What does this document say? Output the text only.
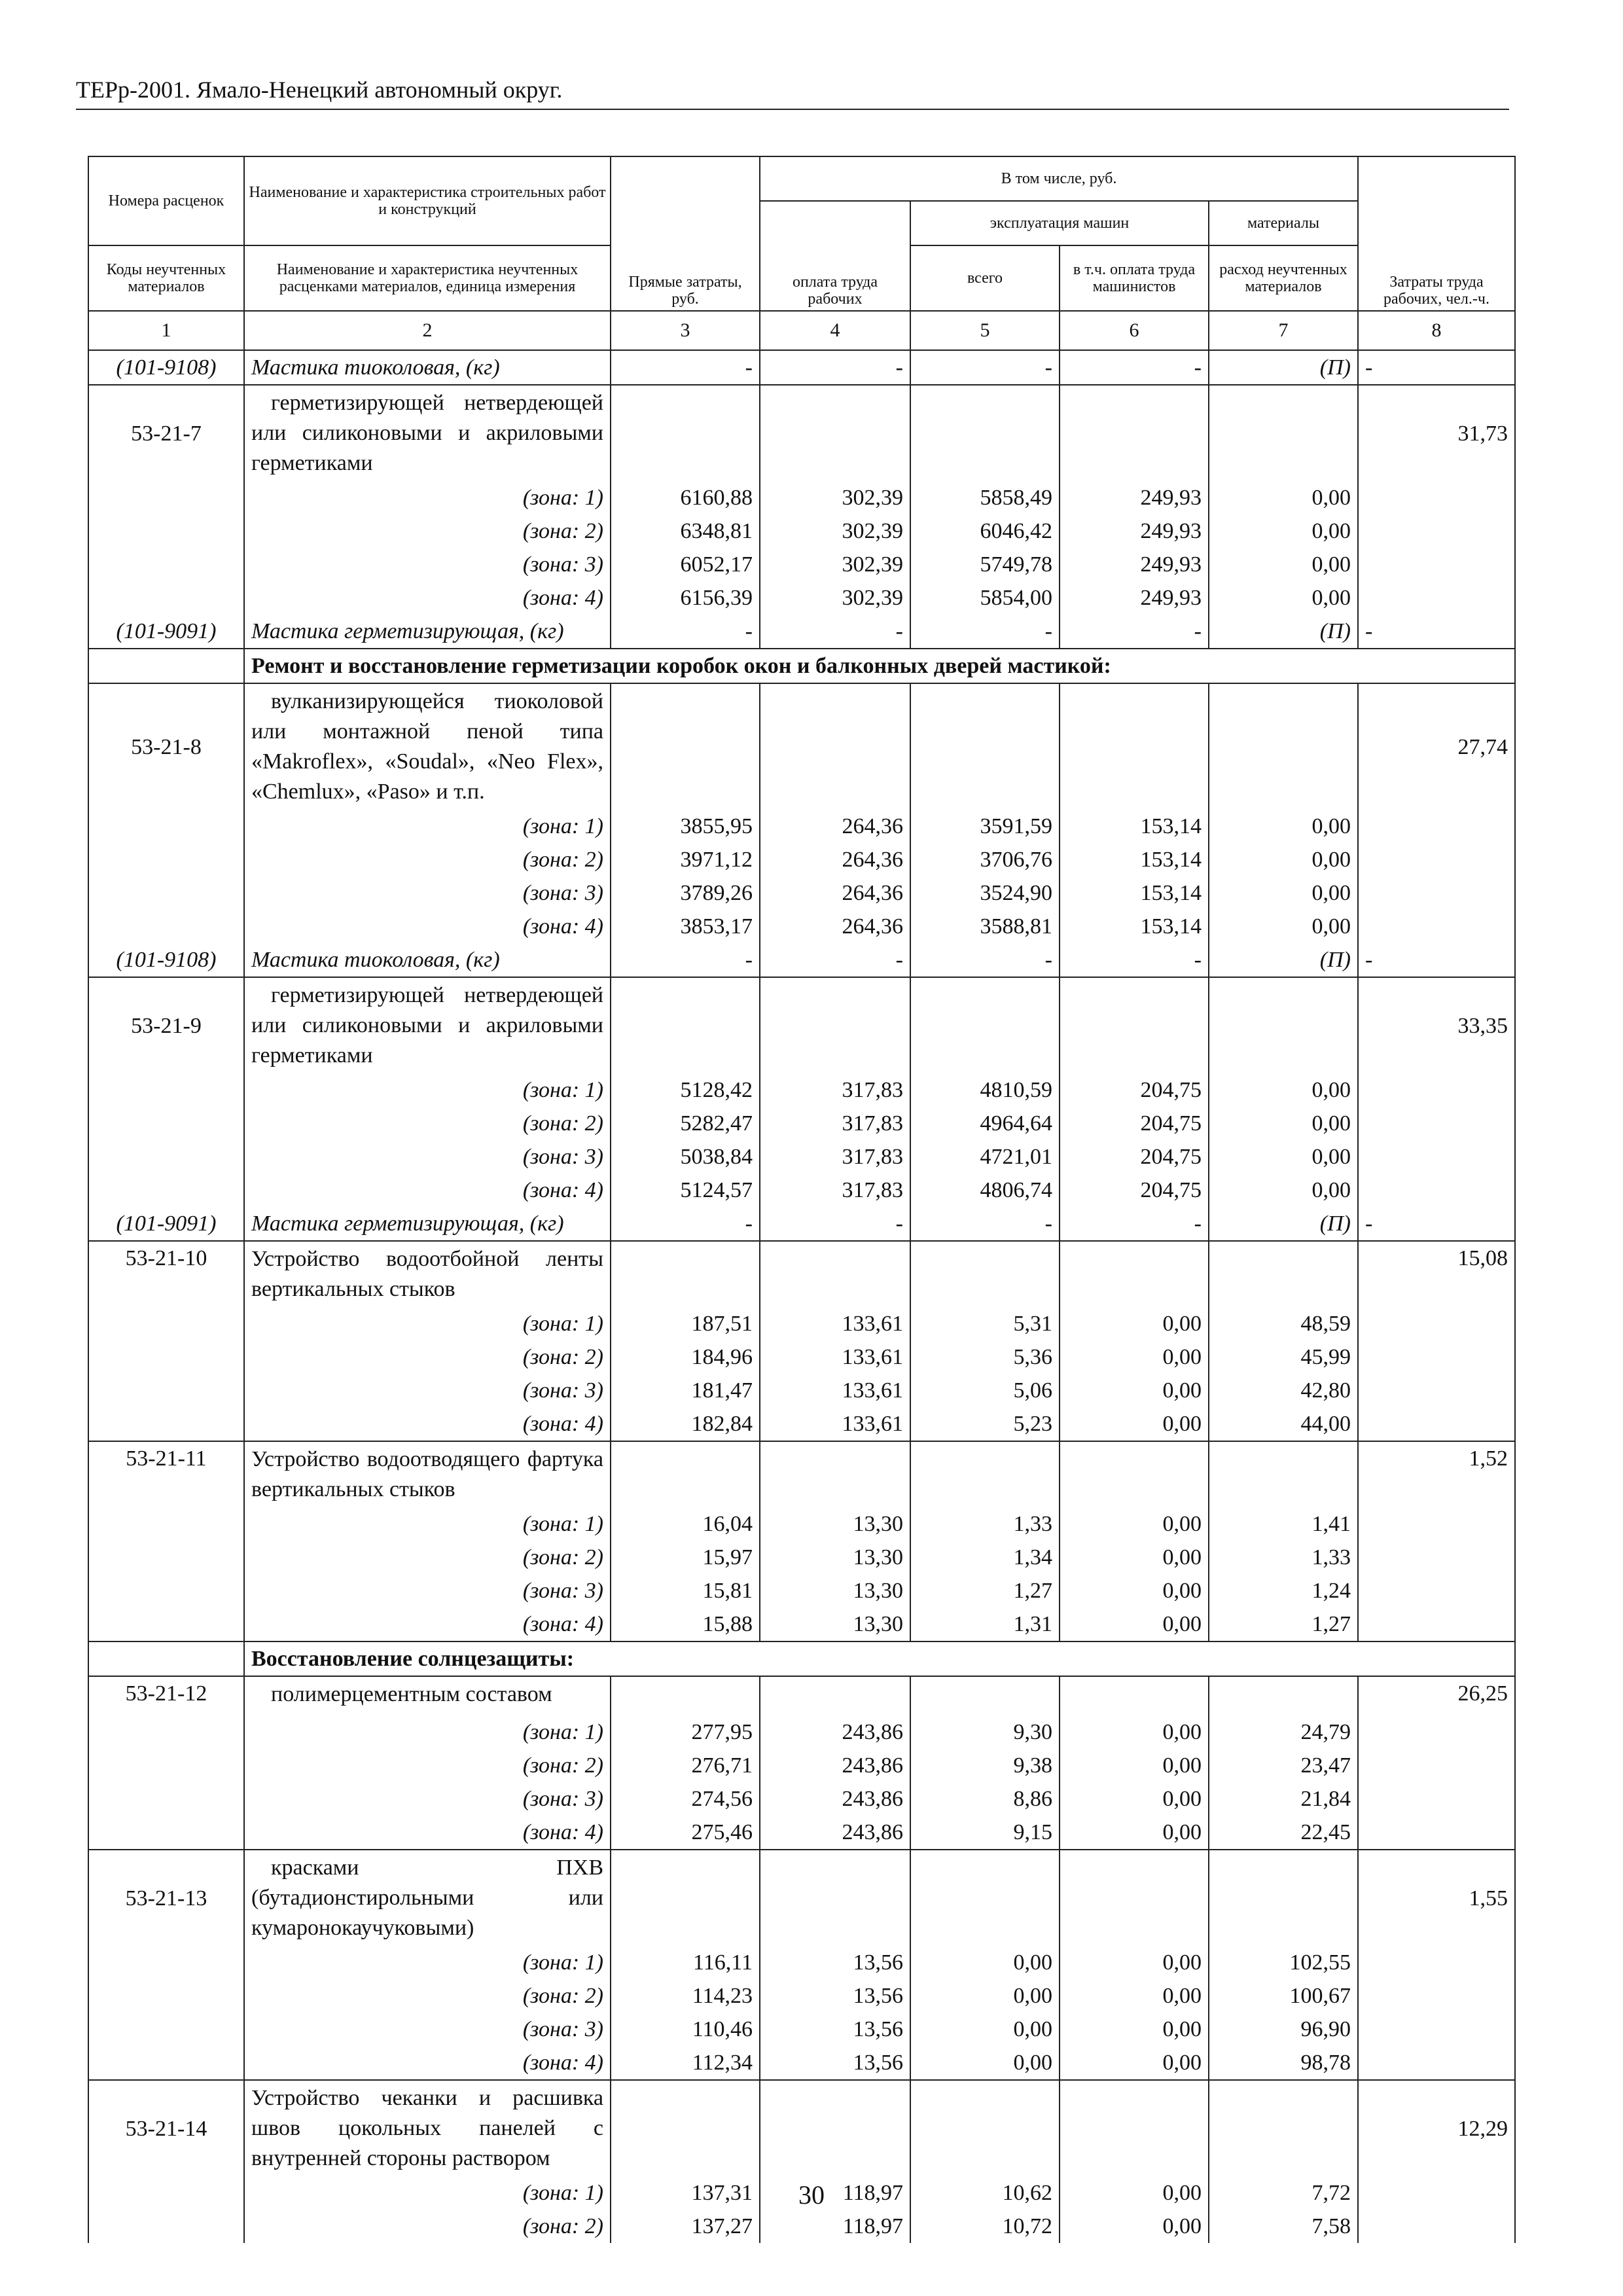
ТЕРр-2001. Ямало-Ненецкий автономный округ.
Номера расценок	Наименование и характеристика строительных работ и конструкций	Прямые затраты, руб.	В том числе, руб.				Затраты труда рабочих, чел.-ч.
			оплата труда рабочих	эксплуатация машин		материалы	
Коды неучтенных материалов	Наименование и характеристика неучтенных расценками материалов, единица измерения			всего	в т.ч. оплата труда машинистов	расход неучтенных материалов	
1	2	3	4	5	6	7	8
(101-9108)	Мастика тиоколовая, (кг)	-	-	-	-	(П)	-
53-21-7	герметизирующей нетвердеющей или силиконовыми и акриловыми герметиками						31,73
	(зона: 1)	6160,88	302,39	5858,49	249,93	0,00	
	(зона: 2)	6348,81	302,39	6046,42	249,93	0,00	
	(зона: 3)	6052,17	302,39	5749,78	249,93	0,00	
	(зона: 4)	6156,39	302,39	5854,00	249,93	0,00	
(101-9091)	Мастика герметизирующая, (кг)	-	-	-	-	(П)	-
	Ремонт и восстановление герметизации коробок окон и балконных дверей мастикой:						
53-21-8	вулканизирующейся тиоколовой или монтажной пеной типа «Makroflex», «Soudal», «Neo Flex», «Chemlux», «Paso» и т.п.						27,74
	(зона: 1)	3855,95	264,36	3591,59	153,14	0,00	
	(зона: 2)	3971,12	264,36	3706,76	153,14	0,00	
	(зона: 3)	3789,26	264,36	3524,90	153,14	0,00	
	(зона: 4)	3853,17	264,36	3588,81	153,14	0,00	
(101-9108)	Мастика тиоколовая, (кг)	-	-	-	-	(П)	-
53-21-9	герметизирующей нетвердеющей или силиконовыми и акриловыми герметиками						33,35
	(зона: 1)	5128,42	317,83	4810,59	204,75	0,00	
	(зона: 2)	5282,47	317,83	4964,64	204,75	0,00	
	(зона: 3)	5038,84	317,83	4721,01	204,75	0,00	
	(зона: 4)	5124,57	317,83	4806,74	204,75	0,00	
(101-9091)	Мастика герметизирующая, (кг)	-	-	-	-	(П)	-
53-21-10	Устройство водоотбойной ленты вертикальных стыков						15,08
	(зона: 1)	187,51	133,61	5,31	0,00	48,59	
	(зона: 2)	184,96	133,61	5,36	0,00	45,99	
	(зона: 3)	181,47	133,61	5,06	0,00	42,80	
	(зона: 4)	182,84	133,61	5,23	0,00	44,00	
53-21-11	Устройство водоотводящего фартука вертикальных стыков						1,52
	(зона: 1)	16,04	13,30	1,33	0,00	1,41	
	(зона: 2)	15,97	13,30	1,34	0,00	1,33	
	(зона: 3)	15,81	13,30	1,27	0,00	1,24	
	(зона: 4)	15,88	13,30	1,31	0,00	1,27	
	Восстановление солнцезащиты:						
53-21-12	полимерцементным составом						26,25
	(зона: 1)	277,95	243,86	9,30	0,00	24,79	
	(зона: 2)	276,71	243,86	9,38	0,00	23,47	
	(зона: 3)	274,56	243,86	8,86	0,00	21,84	
	(зона: 4)	275,46	243,86	9,15	0,00	22,45	
53-21-13	красками ПХВ (бутадионстирольными или кумаронокаучуковыми)						1,55
	(зона: 1)	116,11	13,56	0,00	0,00	102,55	
	(зона: 2)	114,23	13,56	0,00	0,00	100,67	
	(зона: 3)	110,46	13,56	0,00	0,00	96,90	
	(зона: 4)	112,34	13,56	0,00	0,00	98,78	
53-21-14	Устройство чеканки и расшивка швов цокольных панелей с внутренней стороны раствором						12,29
	(зона: 1)	137,31	118,97	10,62	0,00	7,72	
	(зона: 2)	137,27	118,97	10,72	0,00	7,58	
30
